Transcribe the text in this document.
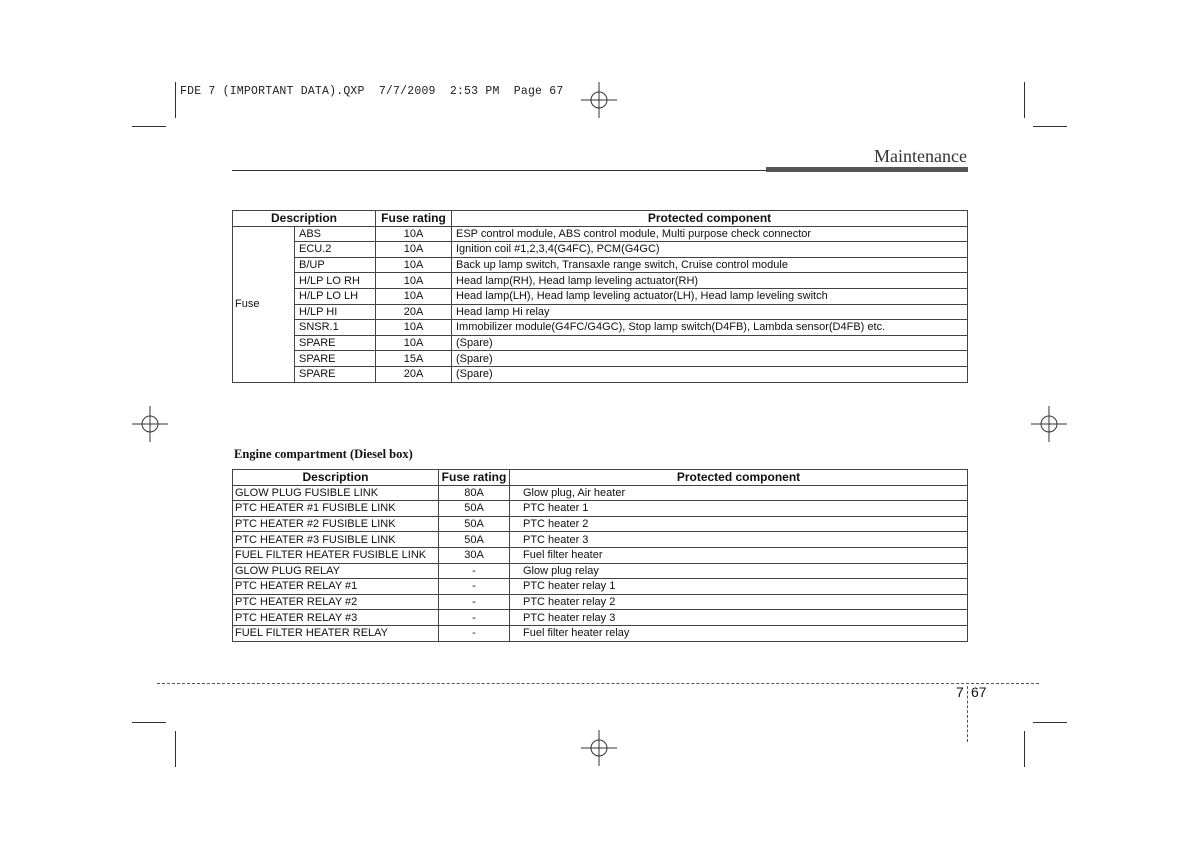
FDE 7 (IMPORTANT DATA).QXP  7/7/2009  2:53 PM  Page 67
Maintenance
Description		Fuse rating	Protected component
Fuse	ABS	10A	ESP control module, ABS control module, Multi purpose check connector
	ECU.2	10A	Ignition coil #1,2,3,4(G4FC), PCM(G4GC)
	B/UP	10A	Back up lamp switch, Transaxle range switch, Cruise control module
	H/LP LO RH	10A	Head lamp(RH), Head lamp leveling actuator(RH)
	H/LP LO LH	10A	Head lamp(LH), Head lamp leveling actuator(LH), Head lamp leveling switch
	H/LP HI	20A	Head lamp Hi relay
	SNSR.1	10A	Immobilizer module(G4FC/G4GC), Stop lamp switch(D4FB), Lambda sensor(D4FB) etc.
	SPARE	10A	(Spare)
	SPARE	15A	(Spare)
	SPARE	20A	(Spare)
Engine compartment (Diesel box)
Description	Fuse rating	Protected component
GLOW PLUG FUSIBLE LINK	80A	Glow plug, Air heater
PTC HEATER #1 FUSIBLE LINK	50A	PTC heater 1
PTC HEATER #2 FUSIBLE LINK	50A	PTC heater 2
PTC HEATER #3 FUSIBLE LINK	50A	PTC heater 3
FUEL FILTER HEATER FUSIBLE LINK	30A	Fuel filter heater
GLOW PLUG RELAY	-	Glow plug relay
PTC HEATER RELAY #1	-	PTC heater relay 1
PTC HEATER RELAY #2	-	PTC heater relay 2
PTC HEATER RELAY #3	-	PTC heater relay 3
FUEL FILTER HEATER RELAY	-	Fuel filter heater relay
7 67
